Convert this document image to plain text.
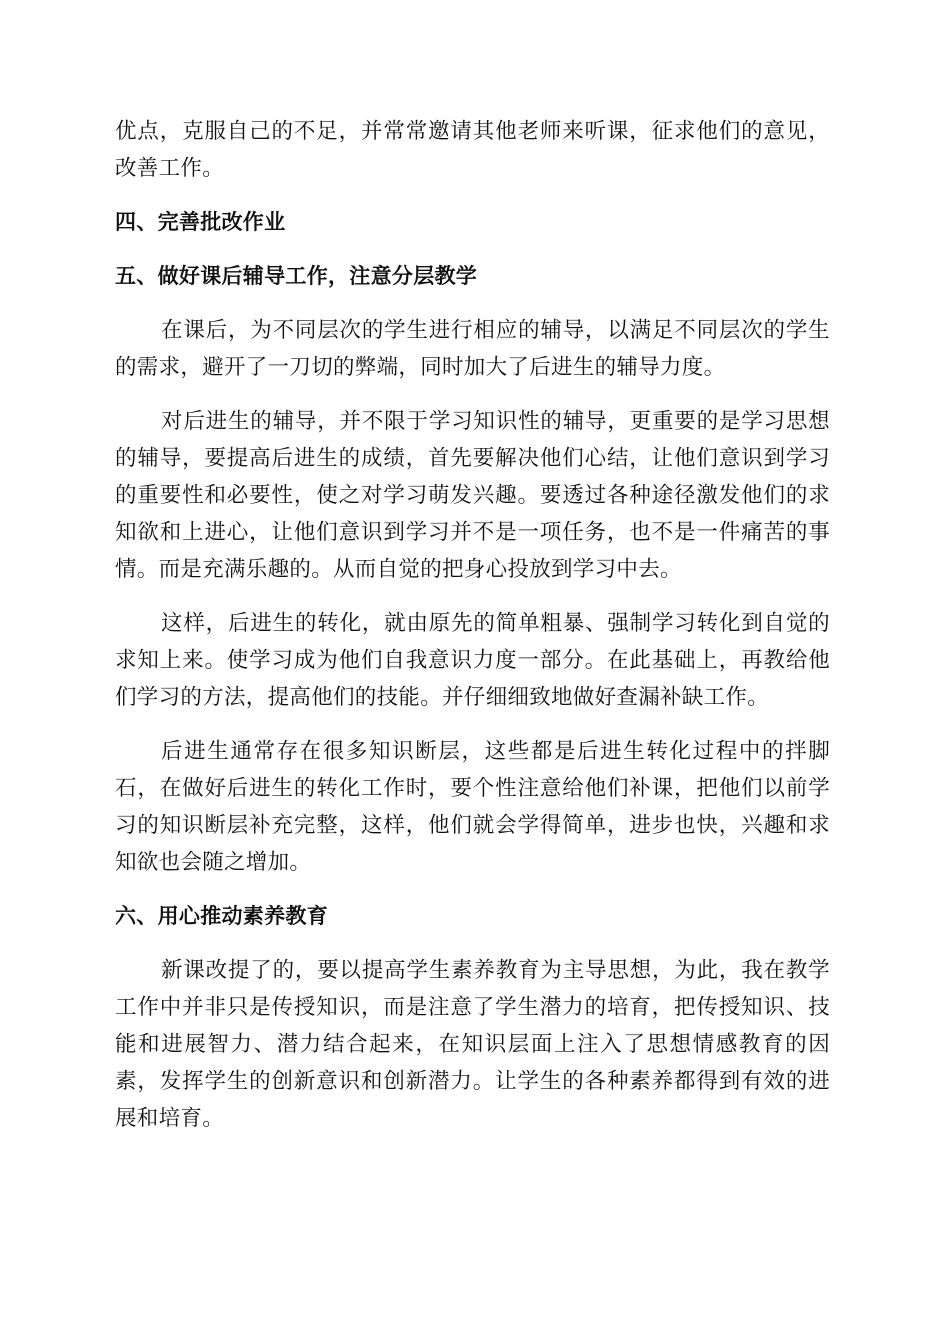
优点，克服自己的不足，并常常邀请其他老师来听课，征求他们的意见，改善工作。

四、完善批改作业
五、做好课后辅导工作，注意分层教学

在课后，为不同层次的学生进行相应的辅导，以满足不同层次的学生的需求，避开了一刀切的弊端，同时加大了后进生的辅导力度。

对后进生的辅导，并不限于学习知识性的辅导，更重要的是学习思想的辅导，要提高后进生的成绩，首先要解决他们心结，让他们意识到学习的重要性和必要性，使之对学习萌发兴趣。要透过各种途径激发他们的求知欲和上进心，让他们意识到学习并不是一项任务，也不是一件痛苦的事情。而是充满乐趣的。从而自觉的把身心投放到学习中去。

这样，后进生的转化，就由原先的简单粗暴、强制学习转化到自觉的求知上来。使学习成为他们自我意识力度一部分。在此基础上，再教给他们学习的方法，提高他们的技能。并仔细细致地做好查漏补缺工作。

后进生通常存在很多知识断层，这些都是后进生转化过程中的拌脚石，在做好后进生的转化工作时，要个性注意给他们补课，把他们以前学习的知识断层补充完整，这样，他们就会学得简单，进步也快，兴趣和求知欲也会随之增加。

六、用心推动素养教育

新课改提了的，要以提高学生素养教育为主导思想，为此，我在教学工作中并非只是传授知识，而是注意了学生潜力的培育，把传授知识、技能和进展智力、潜力结合起来，在知识层面上注入了思想情感教育的因素，发挥学生的创新意识和创新潜力。让学生的各种素养都得到有效的进展和培育。
